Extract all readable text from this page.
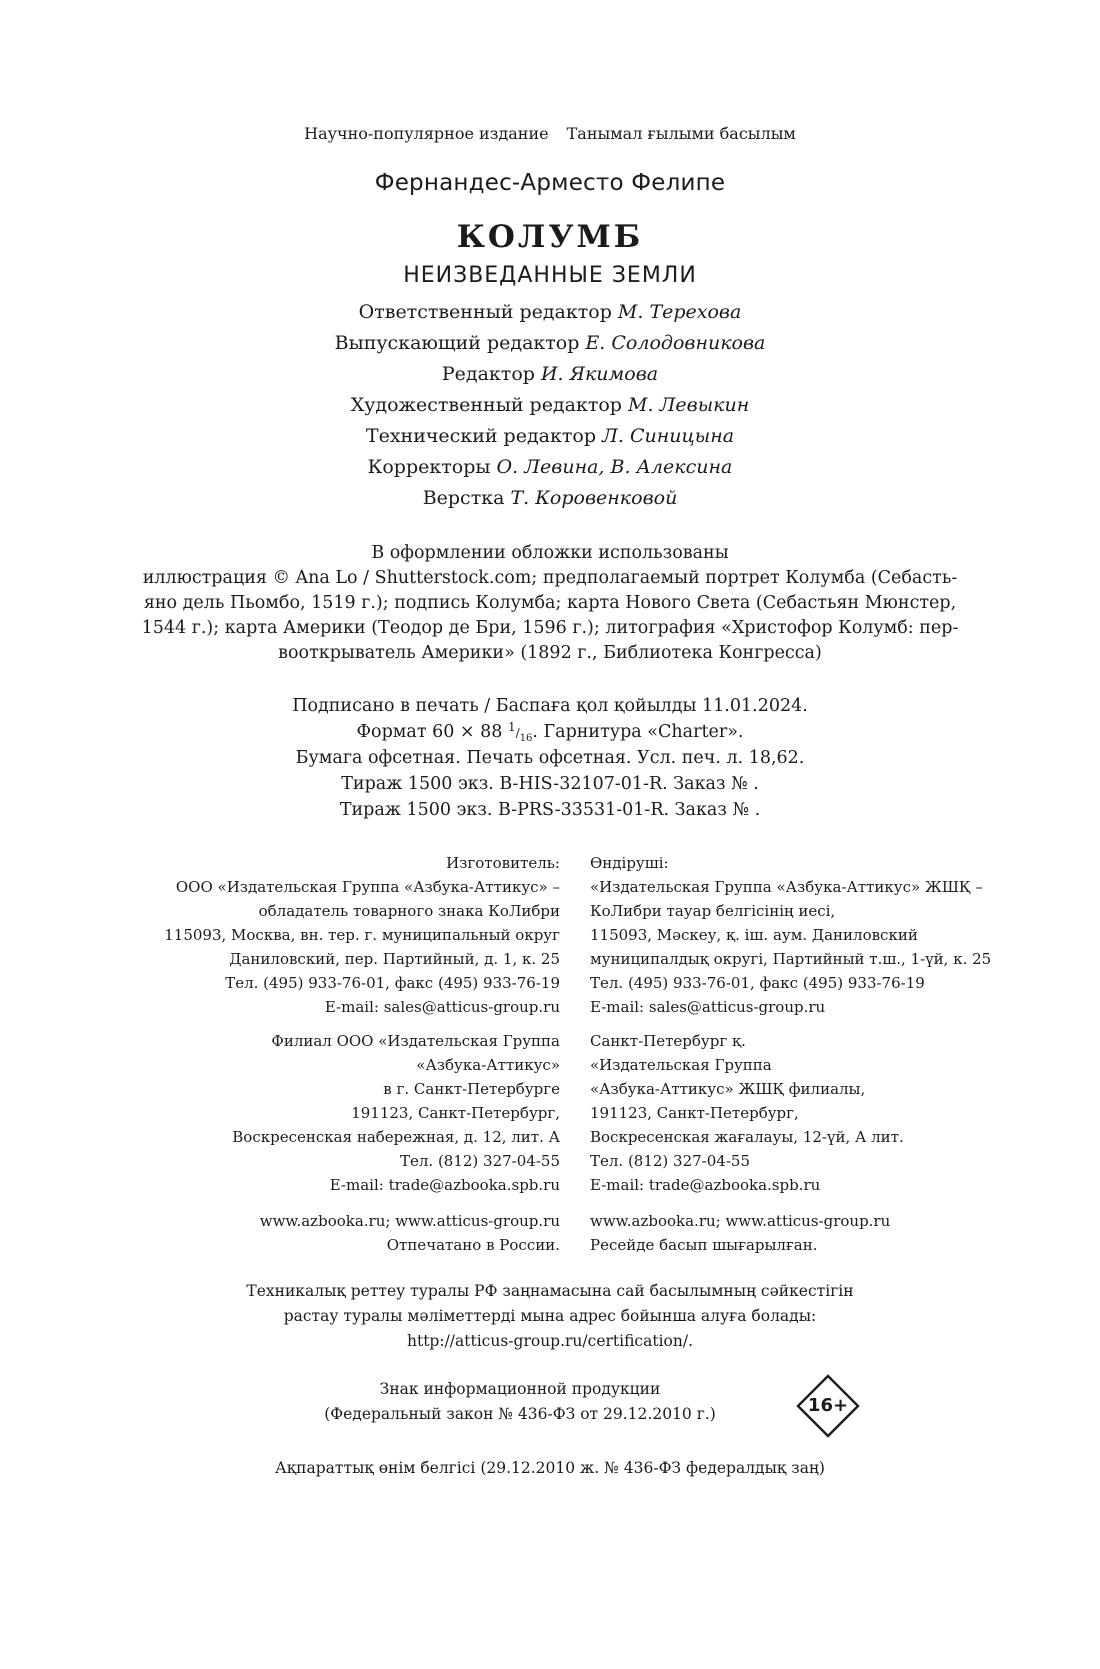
Научно-популярное издание Танымал ғылыми басылым
Фернандес-Арместо Фелипе
КОЛУМБ
НЕИЗВЕДАННЫЕ ЗЕМЛИ
Ответственный редактор М. Терехова
Выпускающий редактор Е. Солодовникова
Редактор И. Якимова
Художественный редактор М. Левыкин
Технический редактор Л. Синицына
Корректоры О. Левина, В. Алексина
Верстка Т. Коровенковой
В оформлении обложки использованы
иллюстрация © Ana Lo / Shutterstock.com; предполагаемый портрет Колумба (Себасть-
яно дель Пьомбо, 1519 г.); подпись Колумба; карта Нового Света (Себастьян Мюнстер,
1544 г.); карта Америки (Теодор де Бри, 1596 г.); литография «Христофор Колумб: пер-
вооткрыватель Америки» (1892 г., Библиотека Конгресса)
Подписано в печать / Баспаға қол қойылды 11.01.2024.
Формат 60 × 88 $1/_{16}$. Гарнитура «Charter».
Бумага офсетная. Печать офсетная. Усл. печ. л. 18,62.
Тираж 1500 экз. B-HIS-32107-01-R. Заказ № .
Тираж 1500 экз. B-PRS-33531-01-R. Заказ № .
Изготовитель:
ООО «Издательская Группа «Азбука-Аттикус» –
обладатель товарного знака КоЛибри
115093, Москва, вн. тер. г. муниципальный округ
Даниловский, пер. Партийный, д. 1, к. 25
Тел. (495) 933-76-01, факс (495) 933-76-19
E-mail: sales@atticus-group.ru
Өндіруші:
«Издательская Группа «Азбука-Аттикус» ЖШҚ –
КоЛибри тауар белгісінің иесі,
115093, Мәскеу, қ. іш. аум. Даниловский
муниципалдық округі, Партийный т.ш., 1-үй, к. 25
Тел. (495) 933-76-01, факс (495) 933-76-19
E-mail: sales@atticus-group.ru
Филиал ООО «Издательская Группа
«Азбука-Аттикус»
в г. Санкт-Петербурге
191123, Санкт-Петербург,
Воскресенская набережная, д. 12, лит. А
Тел. (812) 327-04-55
E-mail: trade@azbooka.spb.ru
Санкт-Петербург қ.
«Издательская Группа
«Азбука-Аттикус» ЖШҚ филиалы,
191123, Санкт-Петербург,
Воскресенская жағалауы, 12-үй, А лит.
Тел. (812) 327-04-55
E-mail: trade@azbooka.spb.ru
www.azbooka.ru; www.atticus-group.ru
Отпечатано в России.
www.azbooka.ru; www.atticus-group.ru
Ресейде басып шығарылған.
Техникалық реттеу туралы РФ заңнамасына сай басылымның сәйкестігін
растау туралы мәліметтерді мына адрес бойынша алуға болады:
http://atticus-group.ru/certification/.
Знак информационной продукции
(Федеральный закон № 436-ФЗ от 29.12.2010 г.)	16+
Ақпараттық өнім белгісі (29.12.2010 ж. № 436-ФЗ федералдық заң)
